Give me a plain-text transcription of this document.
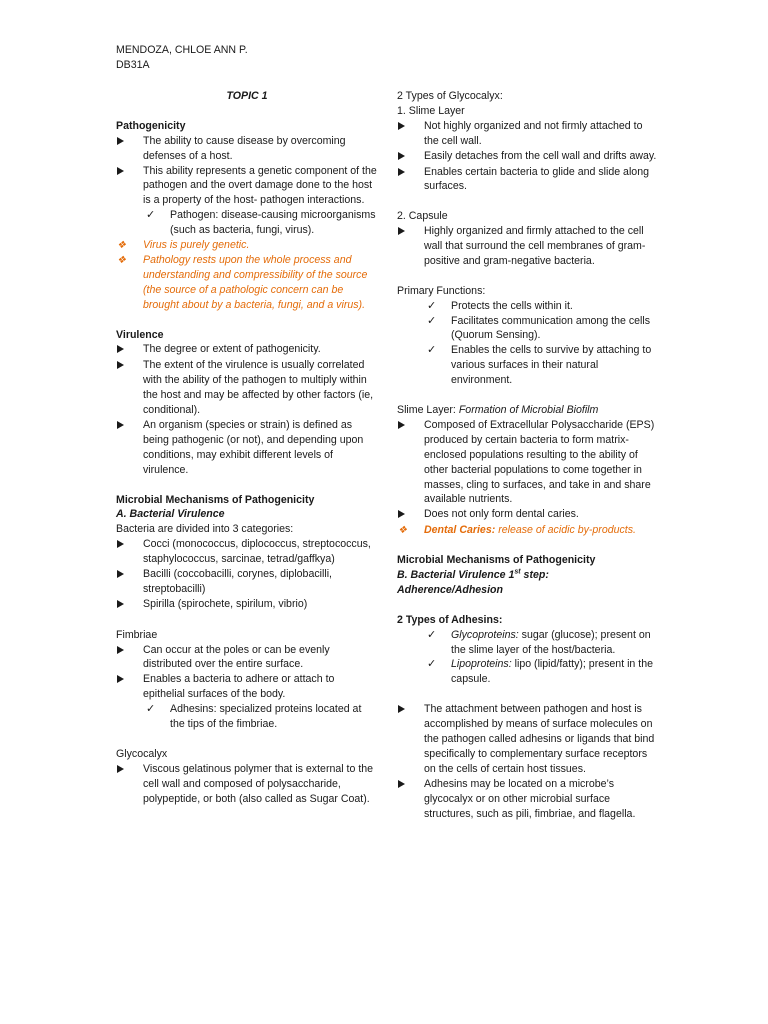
MENDOZA, CHLOE ANN P.
DB31A
TOPIC 1
Pathogenicity
The ability to cause disease by overcoming defenses of a host.
This ability represents a genetic component of the pathogen and the overt damage done to the host is a property of the host- pathogen interactions.
✓	Pathogen: disease-causing microorganisms (such as bacteria, fungi, virus).
❖	Virus is purely genetic.
❖	Pathology rests upon the whole process and understanding and compressibility of the source (the source of a pathologic concern can be brought about by a bacteria, fungi, and a virus).
Virulence
The degree or extent of pathogenicity.
The extent of the virulence is usually correlated with the ability of the pathogen to multiply within the host and may be affected by other factors (ie, conditional).
An organism (species or strain) is defined as being pathogenic (or not), and depending upon conditions, may exhibit different levels of virulence.
Microbial Mechanisms of Pathogenicity
A. Bacterial Virulence
Bacteria are divided into 3 categories:
Cocci (monococcus, diplococcus, streptococcus, staphylococcus, sarcinae, tetrad/gaffkya)
Bacilli (coccobacilli, corynes, diplobacilli, streptobacilli)
Spirilla (spirochete, spirilum, vibrio)
Fimbriae
Can occur at the poles or can be evenly distributed over the entire surface.
Enables a bacteria to adhere or attach to epithelial surfaces of the body.
✓	Adhesins: specialized proteins located at the tips of the fimbriae.
Glycocalyx
Viscous gelatinous polymer that is external to the cell wall and composed of polysaccharide, polypeptide, or both (also called as Sugar Coat).
2 Types of Glycocalyx:
1. Slime Layer
Not highly organized and not firmly attached to the cell wall.
Easily detaches from the cell wall and drifts away.
Enables certain bacteria to glide and slide along surfaces.
2. Capsule
Highly organized and firmly attached to the cell wall that surround the cell membranes of gram-positive and gram-negative bacteria.
Primary Functions:
✓	Protects the cells within it.
✓	Facilitates communication among the cells (Quorum Sensing).
✓	Enables the cells to survive by attaching to various surfaces in their natural environment.
Slime Layer: Formation of Microbial Biofilm
Composed of Extracellular Polysaccharide (EPS) produced by certain bacteria to form matrix-enclosed populations resulting to the ability of other bacterial populations to come together in masses, cling to surfaces, and take in and share available nutrients.
Does not only form dental caries.
❖	Dental Caries: release of acidic by-products.
Microbial Mechanisms of Pathogenicity
B. Bacterial Virulence 1st step:
Adherence/Adhesion
2 Types of Adhesins:
✓	Glycoproteins: sugar (glucose); present on the slime layer of the host/bacteria.
✓	Lipoproteins: lipo (lipid/fatty); present in the capsule.
The attachment between pathogen and host is accomplished by means of surface molecules on the pathogen called adhesins or ligands that bind specifically to complementary surface receptors on the cells of certain host tissues.
Adhesins may be located on a microbe’s glycocalyx or on other microbial surface structures, such as pili, fimbriae, and flagella.
